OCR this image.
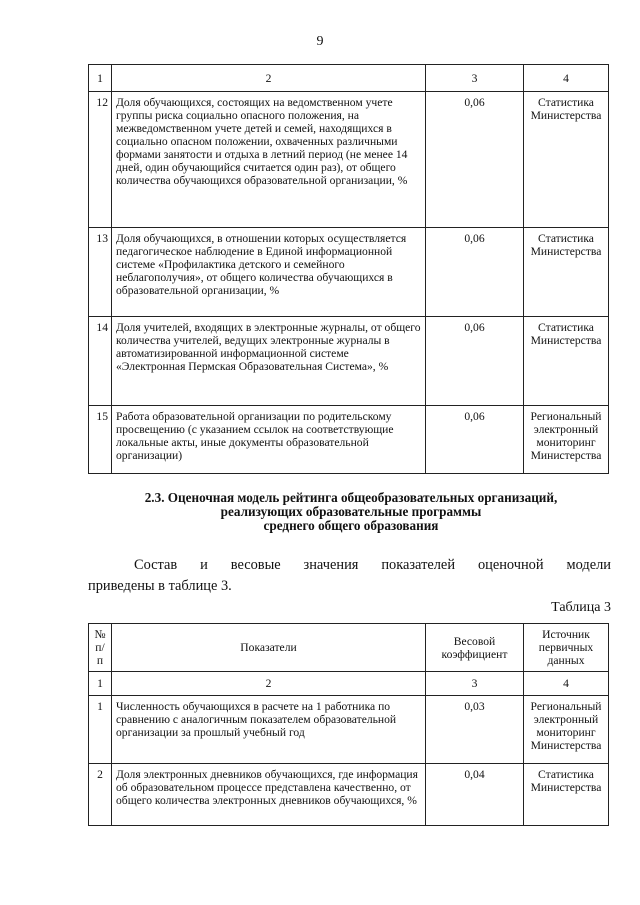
9
1	2	3	4
12	Доля обучающихся, состоящих на ведомственном учете группы риска социально опасного положения, на межведомственном учете детей и семей, находящихся в социально опасном положении, охваченных различными формами занятости и отдыха в летний период (не менее 14 дней, один обучающийся считается один раз), от общего количества обучающихся образовательной организации, %	0,06	Статистика Министерства
13	Доля обучающихся, в отношении которых осуществляется педагогическое наблюдение в Единой информационной системе «Профилактика детского и семейного неблагополучия», от общего количества обучающихся в образовательной организации, %	0,06	Статистика Министерства
14	Доля учителей, входящих в электронные журналы, от общего количества учителей, ведущих электронные журналы в автоматизированной информационной системе «Электронная Пермская Образовательная Система», %	0,06	Статистика Министерства
15	Работа образовательной организации по родительскому просвещению (с указанием ссылок на соответствующие локальные акты, иные документы образовательной организации)	0,06	Региональный электронный мониторинг Министерства
2.3. Оценочная модель рейтинга общеобразовательных организаций,
реализующих образовательные программы
среднего общего образования
Состав и весовые значения показателей оценочной модели
приведены в таблице 3.
Таблица 3
№ п/п	Показатели	Весовой коэффициент	Источник первичных данных
1	2	3	4
1	Численность обучающихся в расчете на 1 работника по сравнению с аналогичным показателем образовательной организации за прошлый учебный год	0,03	Региональный электронный мониторинг Министерства
2	Доля электронных дневников обучающихся, где информация об образовательном процессе представлена качественно, от общего количества электронных дневников обучающихся, %	0,04	Статистика Министерства
